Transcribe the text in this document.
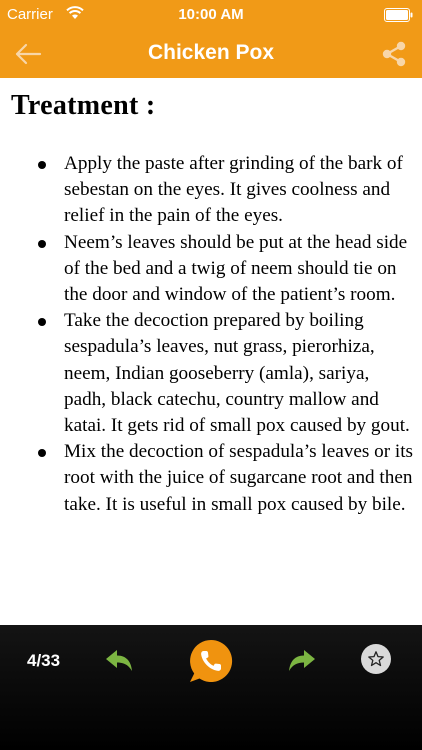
Carrier	10:00 AM
Chicken Pox
Treatment :
Apply the paste after grinding of the bark of sebestan on the eyes. It gives coolness and relief in the pain of the eyes.
Neem’s leaves should be put at the head side of the bed and a twig of neem should tie on the door and window of the patient’s room.
Take the decoction prepared by boiling sespadula’s leaves, nut grass, pierorhiza, neem, Indian gooseberry (amla), sariya, padh, black catechu, country mallow and katai. It gets rid of small pox caused by gout.
Mix the decoction of sespadula’s leaves or its root with the juice of sugarcane root and then take. It is useful in small pox caused by bile.
4/33
